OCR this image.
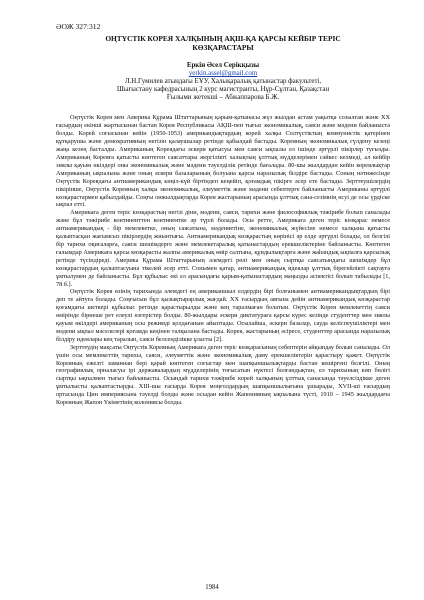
ӘОЖ 327:312
ОҢТҮСТІК КОРЕЯ ХАЛҚЫНЫҢ АҚШ-ҚА ҚАРСЫ КЕЙБІР ТЕРІС
КӨЗҚАРАСТАРЫ
Еркін Әсел Серікқызы
yerkin.assel@gmail.com
Л.Н.Гумилев атындағы ЕҰУ, Халықаралық қатынастар факультеті,
Шығыстану кафедрасының 2 курс магистранты, Нұр-Сұлтан, Қазақстан
Ғылыми жетекші – Абжаппарова Б.Ж.

Оңтүстік Корея мен Америка Құрама Штаттарының қарым-қатынасы жүз жылдан астам уақытқа созылған және XX ғасырдың екінші жартысынан бастап Корея Республикасы АҚШ-пен тығыз экономикалық, саяси және мәдени байланыста болды. Корей соғысынан кейін (1950-1953) американдықтардың корей халқы Солтүстіктың коммунистік қатерінен құтқарушы және демократияның негізін қалаушылар ретінде қабылдай бастады. Кореяның экономикалық гүлдену кезеңі жаңа кезең басталды. Американың Кореядағы әскери қатысуы мен саяси ықпалы ел ішінде әртүрлі пікірлер туғызды. Американың Кореяға қатысты көптеген саясаттары жергілікті халықтың ұлттық мүдделерімен сәйкес келмеді, ал кейбір зиялы қауым өкілдері оны экономикалық және мәдени тәуелділік ретінде бағалады. 80-шы жылдардан кейін кореялықтар Американың ықпалына және оның әскери базаларының болуына қарсы наразылық білдіре бастады. Соның нәтижесінде Оңтүстік Кореядағы антиамерикандық көңіл-күй біртіндеп кеңейіп, қоғамдық пікірге әсер ете бастады. Зерттеушілердің пікірінше, Оңтүстік Кореяның халқы экономикалық, әлеуметтік және мәдени себептерге байланысты Американы әртүрлі көзқарастармен қабылдайды. Соңғы онжылдықтарда Корея жастарының арасында ұлттық сана-сезімнің өсуі де осы үрдіске ықпал етті.

Америкаға деген теріс көзқарастың негізі діни, мәдени, саяси, тарихи және философиялық тәжірибе болып саналады және бұл тәжірибе континенттен континентке әр түрлі болады. Осы ретте, Америкаға деген теріс көзқарас немесе антиамерикандық - бір мемлекетке, оның саясатына, мәдениетіне, экономикалық жүйесіне немесе халқына қатысты қалыптасқан жағымсыз пікірлердің жиынтығы. Антиамерикандық көзқарастың көрінісі әр елде әртүрлі болады, ол белгілі бір тарихи оқиғаларға, саяси шешімдерге және мемлекетаралық қатынастардың ерекшеліктеріне байланысты. Көптеген ғалымдар Америкаға қарсы көзқарасты жалпы америкалық өмір салтына, құндылықтарға және жаһандық ықпалға қарсылық ретінде түсіндіреді. Америка Құрама Штаттарының әлемдегі рөлі мен оның сыртқы саясатындағы шешімдер бұл көзқарастардың қалыптасуына тікелей әсер етті. Сонымен қатар, антиамерикандық идеялар ұлттық бірегейлікті сақтауға ұмтылумен де байланысты. Бұл құбылыс екі ел арасындағы қарым-қатынастардың маңызды аспектісі болып табылады [1, 78 б.].

Оңтүстік Корея өзінің тарихында әлемдегі ең американшыл елдердің бірі болғанымен антиамерикандықтардың бірі деп те айтуға болады. Соңғысын бұл қызықтырарлық жағдай. XX ғасырдың аяғына дейін антиамерикандық көзқарастар қоғамдағы шеткері құбылыс ретінде қарастырылды және кең таралмаған болатын. Оңтүстік Корея мемлекеттің саяси өмірінде бірнеше рет елеулі өзгерістер болды. 80-жылдары әскери диктатураға қарсы күрес кезінде студенттер мен зиялы қауым өкілдері американың осы режимді қолдағанын айыптады. Осылайша, әскери базалар, сауда келіспеушіліктері мен мәдени ықпал мәселелері қоғамда кеңінен талқылана бастады. Корея, жастарының әсіресе, студенттер арасында наразылық білдіру идеялары кең таралып, саяси белсенділікке ұласты [2].

Зерттеудің мақсаты Оңтүстік Кореяның Америкаға деген теріс көзқарасының себептерін айқындау болып саналады. Ол үшін осы мемлекеттің тарихы, саяси, әлеуметтік және экономикалық даму ерекшеліктерін қарастыру қажет. Оңтүстік Кореяның ежелгі заманнан бері қарай көптеген соғыстар мен шапқыншылықтарды бастан кешіргені белгілі. Оның географиялық орналасуы ірі державалардың мүдделерінің тоғысатын нүктесі болғандықтан, ел тарихының көп бөлігі сыртқы ықпалмен тығыз байланысты. Осындай тарихи тәжірибе корей халқының ұлттық санасында тәуелсіздікке деген ұмтылысты қалыптастырды. XIII-шы ғасырда Корея моңғолдардың шапқыншылығына ұшырады, XVII-ші ғасырдың ортасында Цин империясына тәуелді болды және осыдан кейін Жапонияның ықпалына түсті, 1910 – 1945 жылдардағы Кореяның Жапон Үкіметінің колониясы болды.

1984
